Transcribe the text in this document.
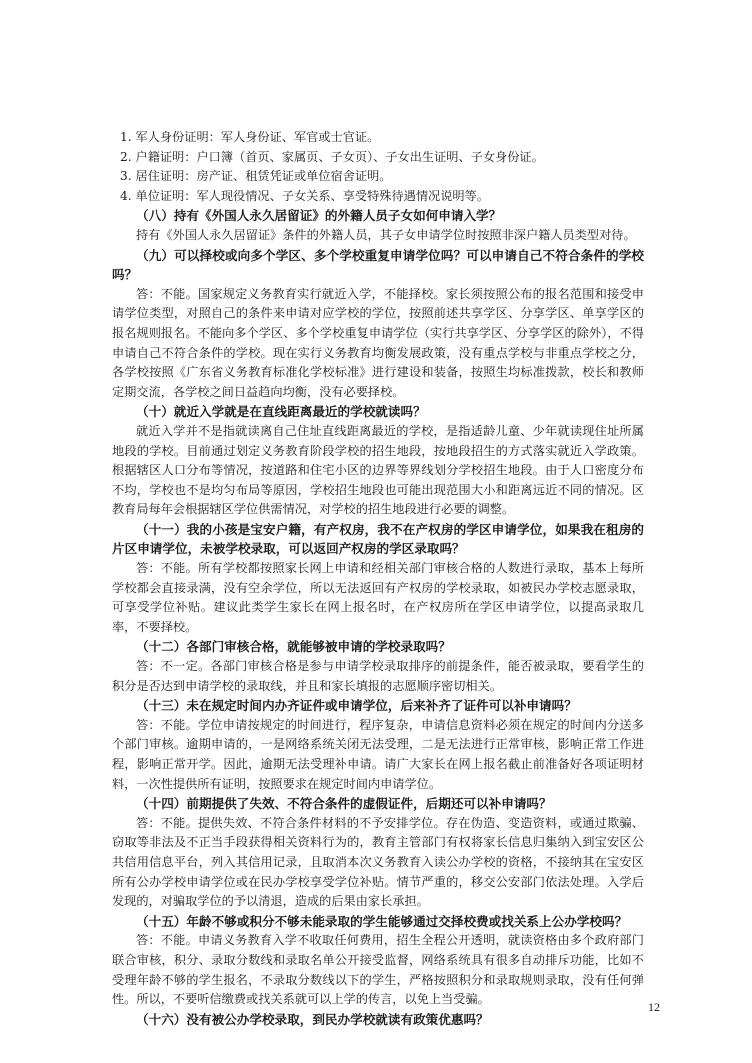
1. 军人身份证明：军人身份证、军官或士官证。

2. 户籍证明：户口簿（首页、家属页、子女页）、子女出生证明、子女身份证。

3. 居住证明：房产证、租赁凭证或单位宿舍证明。

4. 单位证明：军人现役情况、子女关系、享受特殊待遇情况说明等。

（八）持有《外国人永久居留证》的外籍人员子女如何申请入学？

持有《外国人永久居留证》条件的外籍人员，其子女申请学位时按照非深户籍人员类型对待。

（九）可以择校或向多个学区、多个学校重复申请学位吗？可以申请自己不符合条件的学校吗？

答：不能。国家规定义务教育实行就近入学，不能择校。家长须按照公布的报名范围和接受申请学位类型，对照自己的条件来申请对应学校的学位，按照前述共享学区、分享学区、单享学区的报名规则报名。不能向多个学区、多个学校重复申请学位（实行共享学区、分享学区的除外），不得申请自己不符合条件的学校。现在实行义务教育均衡发展政策，没有重点学校与非重点学校之分，各学校按照《广东省义务教育标准化学校标准》进行建设和装备，按照生均标准拨款，校长和教师定期交流，各学校之间日益趋向均衡，没有必要择校。

（十）就近入学就是在直线距离最近的学校就读吗？

就近入学并不是指就读离自己住址直线距离最近的学校，是指适龄儿童、少年就读现住址所属地段的学校。目前通过划定义务教育阶段学校的招生地段，按地段招生的方式落实就近入学政策。根据辖区人口分布等情况，按道路和住宅小区的边界等界线划分学校招生地段。由于人口密度分布不均，学校也不是均匀布局等原因，学校招生地段也可能出现范围大小和距离远近不同的情况。区教育局每年会根据辖区学位供需情况，对学校的招生地段进行必要的调整。

（十一）我的小孩是宝安户籍，有产权房，我不在产权房的学区申请学位，如果我在租房的片区申请学位，未被学校录取，可以返回产权房的学区录取吗？

答：不能。所有学校都按照家长网上申请和经相关部门审核合格的人数进行录取，基本上每所学校都会直接录满，没有空余学位，所以无法返回有产权房的学校录取，如被民办学校志愿录取，可享受学位补贴。建议此类学生家长在网上报名时，在产权房所在学区申请学位，以提高录取几率，不要择校。

（十二）各部门审核合格，就能够被申请的学校录取吗？

答：不一定。各部门审核合格是参与申请学校录取排序的前提条件，能否被录取，要看学生的积分是否达到申请学校的录取线，并且和家长填报的志愿顺序密切相关。

（十三）未在规定时间内办齐证件或申请学位，后来补齐了证件可以补申请吗？

答：不能。学位申请按规定的时间进行，程序复杂，申请信息资料必须在规定的时间内分送多个部门审核。逾期申请的，一是网络系统关闭无法受理，二是无法进行正常审核，影响正常工作进程，影响正常开学。因此，逾期无法受理补申请。请广大家长在网上报名截止前准备好各项证明材料，一次性提供所有证明，按照要求在规定时间内申请学位。

（十四）前期提供了失效、不符合条件的虚假证件，后期还可以补申请吗？

答：不能。提供失效、不符合条件材料的不予安排学位。存在伪造、变造资料，或通过欺骗、窃取等非法及不正当手段获得相关资料行为的，教育主管部门有权将家长信息归集纳入到宝安区公共信用信息平台，列入其信用记录，且取消本次义务教育入读公办学校的资格，不接纳其在宝安区所有公办学校申请学位或在民办学校享受学位补贴。情节严重的，移交公安部门依法处理。入学后发现的，对骗取学位的予以清退，造成的后果由家长承担。

（十五）年龄不够或积分不够未能录取的学生能够通过交择校费或找关系上公办学校吗？

答：不能。申请义务教育入学不收取任何费用，招生全程公开透明，就读资格由多个政府部门联合审核，积分、录取分数线和录取名单公开接受监督，网络系统具有很多自动排斥功能，比如不受理年龄不够的学生报名，不录取分数线以下的学生，严格按照积分和录取规则录取，没有任何弹性。所以，不要听信缴费或找关系就可以上学的传言，以免上当受骗。

（十六）没有被公办学校录取，到民办学校就读有政策优惠吗？

12
